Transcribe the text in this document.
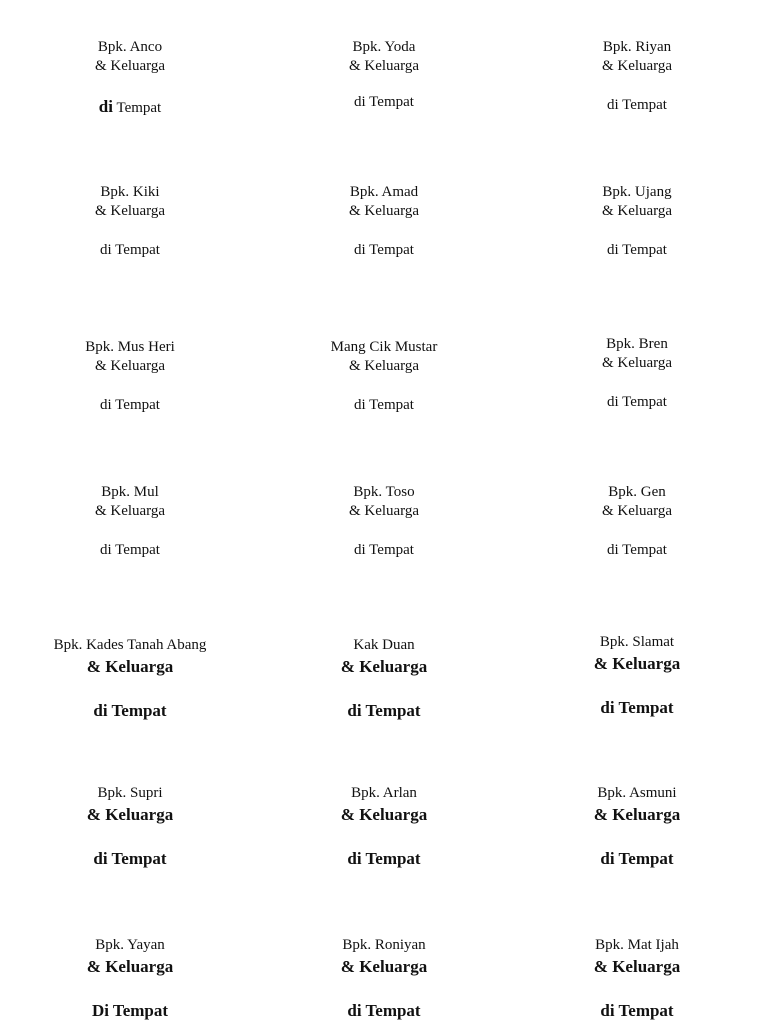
Bpk. Anco
& Keluarga
di Tempat
Bpk. Yoda
& Keluarga
di Tempat
Bpk. Riyan
& Keluarga
di Tempat
Bpk. Kiki
& Keluarga
di Tempat
Bpk. Amad
& Keluarga
di Tempat
Bpk. Ujang
& Keluarga
di Tempat
Bpk. Mus Heri
& Keluarga
di Tempat
Mang Cik Mustar
& Keluarga
di Tempat
Bpk. Bren
& Keluarga
di Tempat
Bpk. Mul
& Keluarga
di Tempat
Bpk. Toso
& Keluarga
di Tempat
Bpk. Gen
& Keluarga
di Tempat
Bpk. Kades Tanah Abang
& Keluarga
di Tempat
Kak Duan
& Keluarga
di Tempat
Bpk. Slamat
& Keluarga
di Tempat
Bpk. Supri
& Keluarga
di Tempat
Bpk. Arlan
& Keluarga
di Tempat
Bpk. Asmuni
& Keluarga
di Tempat
Bpk. Yayan
& Keluarga
Di Tempat
Bpk. Roniyan
& Keluarga
di Tempat
Bpk. Mat Ijah
& Keluarga
di Tempat
